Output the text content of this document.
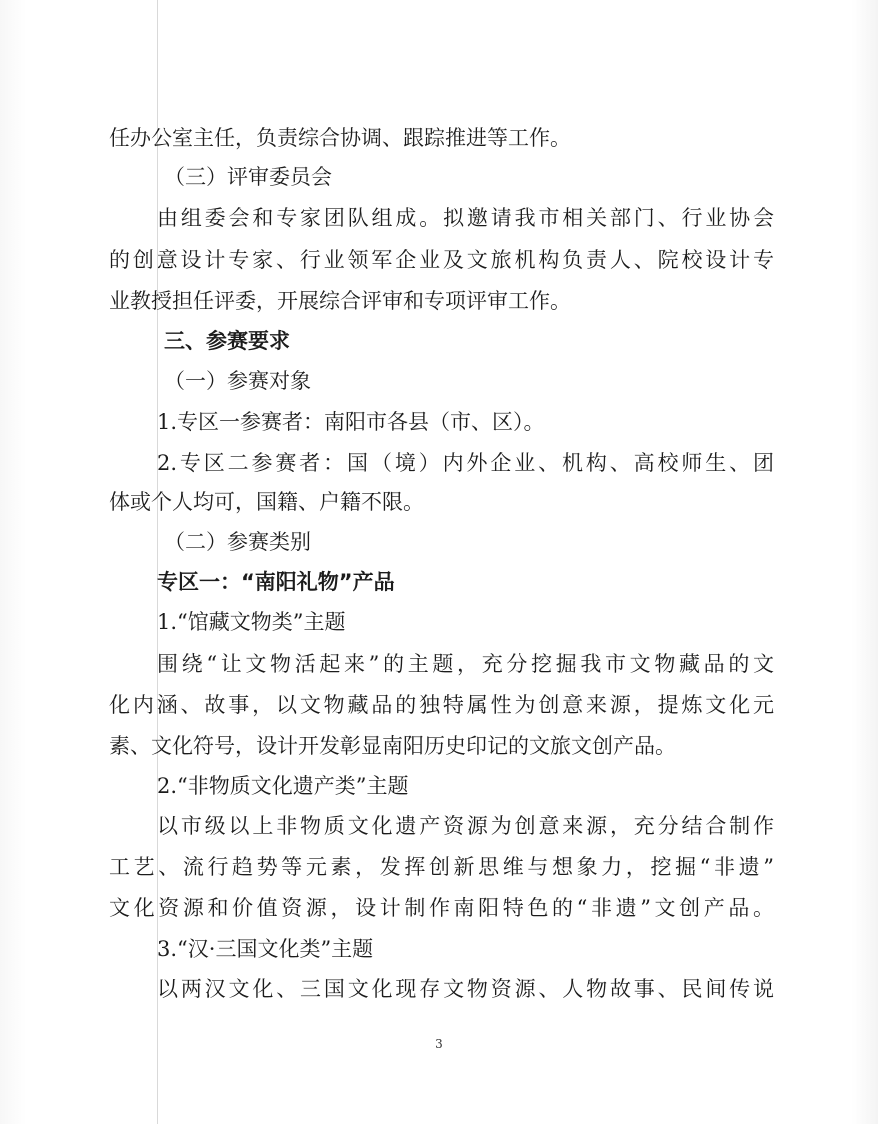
任办公室主任，负责综合协调、跟踪推进等工作。
（三）评审委员会
由组委会和专家团队组成。拟邀请我市相关部门、行业协会
的创意设计专家、行业领军企业及文旅机构负责人、院校设计专
业教授担任评委，开展综合评审和专项评审工作。
三、参赛要求
（一）参赛对象
1.专区一参赛者：南阳市各县（市、区）。
2.专区二参赛者：国（境）内外企业、机构、高校师生、团
体或个人均可，国籍、户籍不限。
（二）参赛类别
专区一：“南阳礼物”产品
1.“馆藏文物类”主题
围绕“让文物活起来”的主题，充分挖掘我市文物藏品的文
化内涵、故事，以文物藏品的独特属性为创意来源，提炼文化元
素、文化符号，设计开发彰显南阳历史印记的文旅文创产品。
2.“非物质文化遗产类”主题
以市级以上非物质文化遗产资源为创意来源，充分结合制作
工艺、流行趋势等元素，发挥创新思维与想象力，挖掘“非遗”
文化资源和价值资源，设计制作南阳特色的“非遗”文创产品。
3.“汉·三国文化类”主题
以两汉文化、三国文化现存文物资源、人物故事、民间传说
3
